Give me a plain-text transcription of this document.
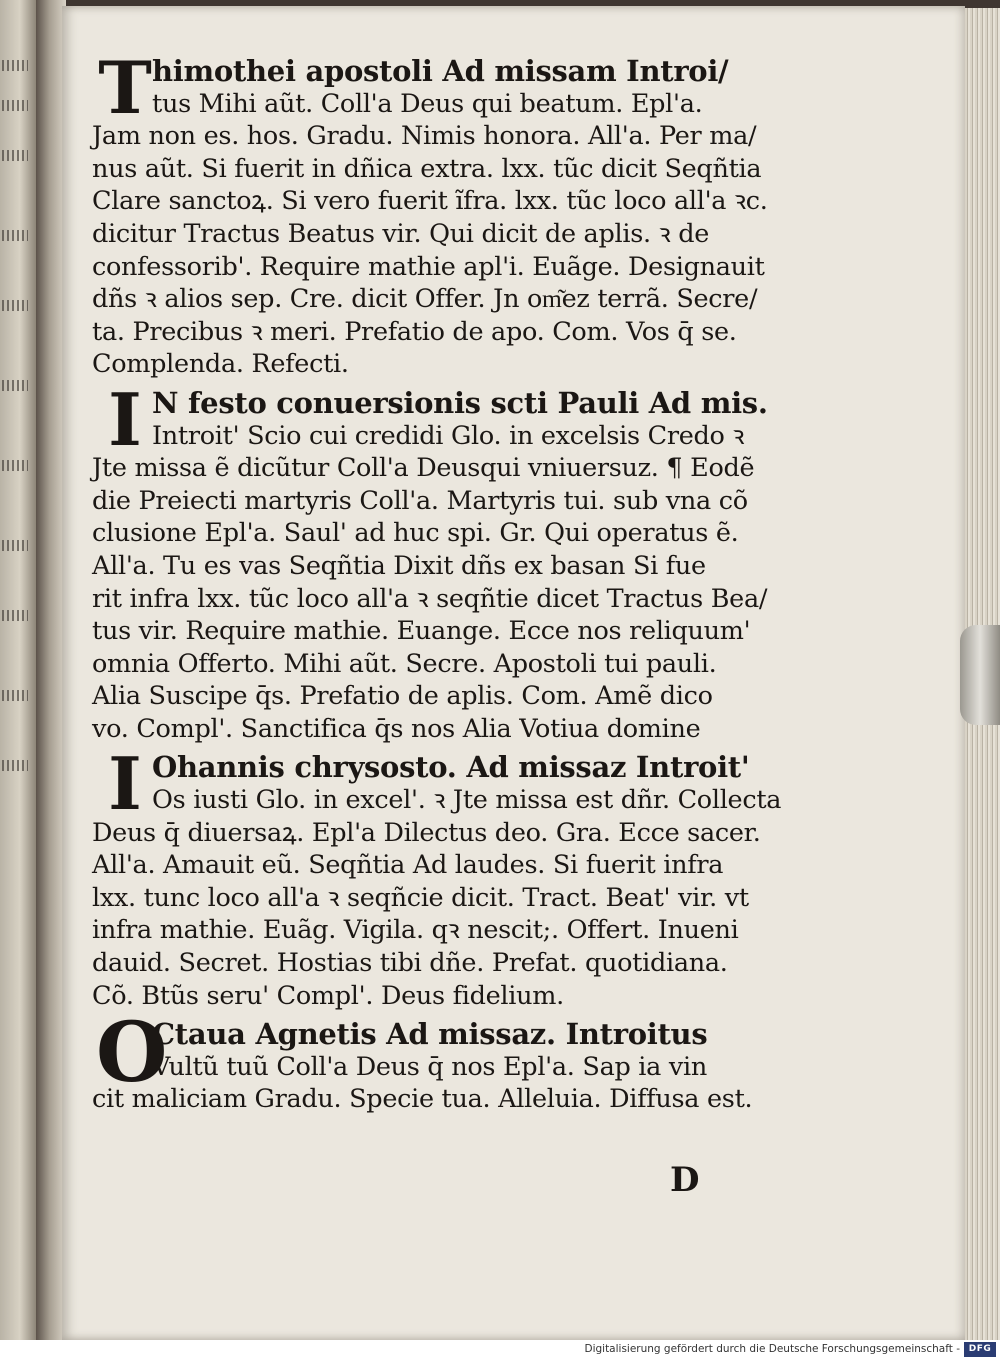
T himothei apostoli Ad missam Introi/
tus Mihi aũt. Coll'a Deus qui beatum. Epl'a.
Jam non es. hos. Gradu. Nimis honora. All'a. Per ma/
nus aũt. Si fuerit in dñica extra. lxx. tũc dicit Seqñtia
Clare sanctoꝝ. Si vero fuerit ĩfra. lxx. tũc loco all'a ꝛc.
dicitur Tractus Beatus vir. Qui dicit de aplis. ꝛ de
confessorib'. Require mathie apl'i. Euãge. Designauit
dñs ꝛ alios sep. Cre. dicit Offer. Jn om͂ez terrã. Secre/
ta. Precibus ꝛ meri. Prefatio de apo. Com. Vos q̄ se.
Complenda. Refecti.
I N festo conuersionis scti Pauli Ad mis.
Introit' Scio cui credidi Glo. in excelsis Credo ꝛ
Jte missa ẽ dicũtur Coll'a Deusqui vniuersuz. ¶ Eodẽ
die Preiecti martyris Coll'a. Martyris tui. sub vna cõ
clusione Epl'a. Saul' ad huc spi. Gr. Qui operatus ẽ.
All'a. Tu es vas Seqñtia Dixit dñs ex basan Si fue
rit infra lxx. tũc loco all'a ꝛ seqñtie dicet Tractus Bea/
tus vir. Require mathie. Euange. Ecce nos reliquum'
omnia Offerto. Mihi aũt. Secre. Apostoli tui pauli.
Alia Suscipe q̄s. Prefatio de aplis. Com. Amẽ dico
vo. Compl'. Sanctifica q̄s nos Alia Votiua domine
I Ohannis chrysosto. Ad missaz Introit'
Os iusti Glo. in excel'. ꝛ Jte missa est dñr. Collecta
Deus q̄ diuersaꝝ. Epl'a Dilectus deo. Gra. Ecce sacer.
All'a. Amauit eũ. Seqñtia Ad laudes. Si fuerit infra
lxx. tunc loco all'a ꝛ seqñcie dicit. Tract. Beat' vir. vt
infra mathie. Euãg. Vigila. qꝛ nescit;. Offert. Inueni
dauid. Secret. Hostias tibi dñe. Prefat. quotidiana.
Cõ. Btũs seru' Compl'. Deus fidelium.
O
Ctaua Agnetis Ad missaz. Introitus
Vultũ tuũ Coll'a Deus q̄ nos Epl'a. Sap ia vin
cit maliciam Gradu. Specie tua. Alleluia. Diffusa est.
D
Digitalisierung gefördert durch die Deutsche Forschungsgemeinschaft - DFG
